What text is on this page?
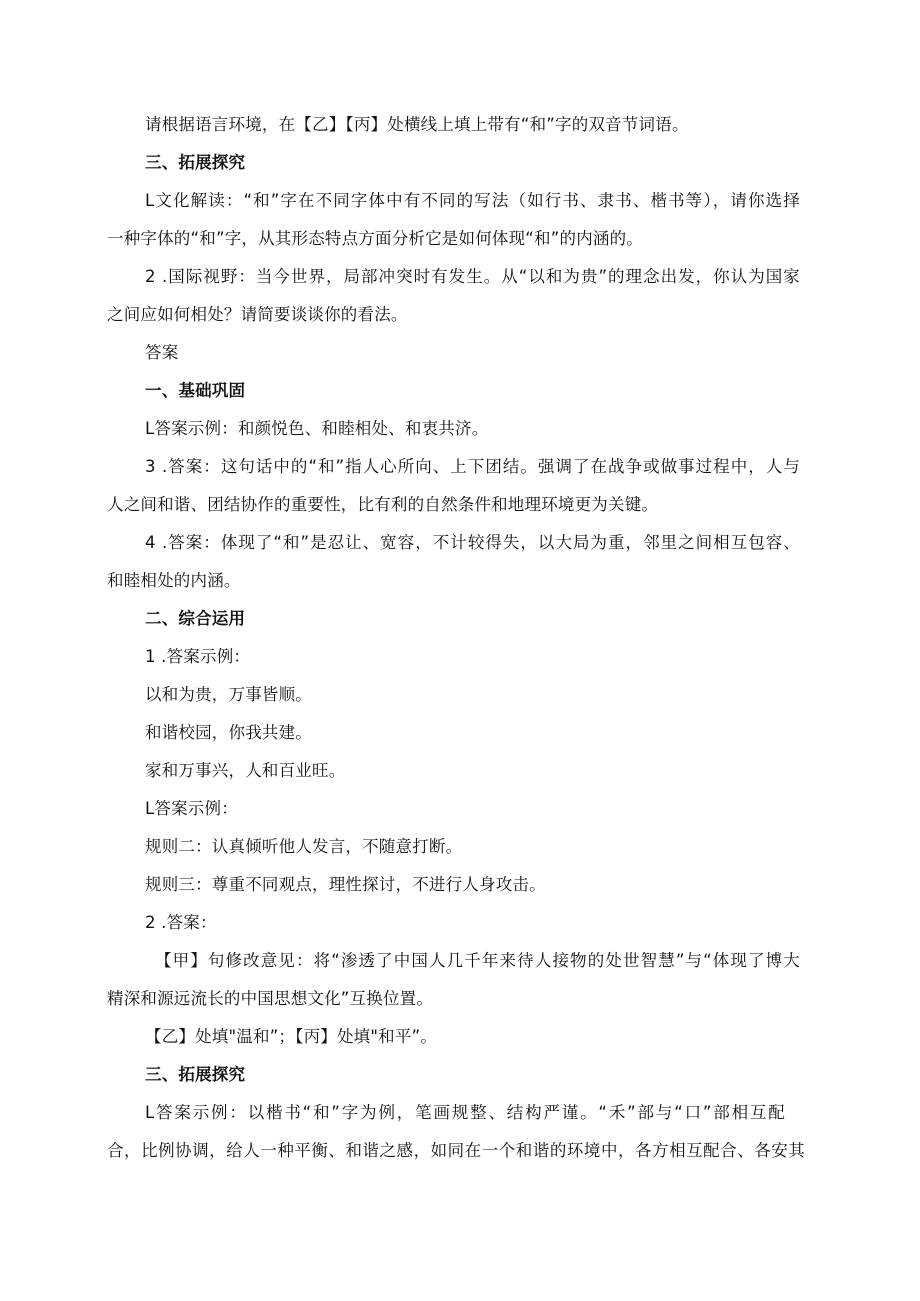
请根据语言环境，在【乙】【丙】处横线上填上带有“和”字的双音节词语。

三、拓展探究

L文化解读：“和”字在不同字体中有不同的写法（如行书、隶书、楷书等），请你选择

一种字体的“和”字，从其形态特点方面分析它是如何体现“和”的内涵的。

2 .国际视野：当今世界，局部冲突时有发生。从“以和为贵”的理念出发，你认为国家

之间应如何相处？请简要谈谈你的看法。

答案

一、基础巩固

L答案示例：和颜悦色、和睦相处、和衷共济。

3 .答案：这句话中的“和”指人心所向、上下团结。强调了在战争或做事过程中，人与

人之间和谐、团结协作的重要性，比有利的自然条件和地理环境更为关键。

4 .答案：体现了“和”是忍让、宽容，不计较得失，以大局为重，邻里之间相互包容、

和睦相处的内涵。

二、综合运用

1 .答案示例：

以和为贵，万事皆顺。

和谐校园，你我共建。

家和万事兴，人和百业旺。

L答案示例：

规则二：认真倾听他人发言，不随意打断。

规则三：尊重不同观点，理性探讨，不进行人身攻击。

2 .答案：

【甲】句修改意见：将“渗透了中国人几千年来待人接物的处世智慧”与“体现了博大

精深和源远流长的中国思想文化”互换位置。

【乙】处填"温和”；【丙】处填"和平”。

三、拓展探究

L答案示例：以楷书“和”字为例，笔画规整、结构严谨。“禾”部与“口”部相互配

合，比例协调，给人一种平衡、和谐之感，如同在一个和谐的环境中，各方相互配合、各安其
